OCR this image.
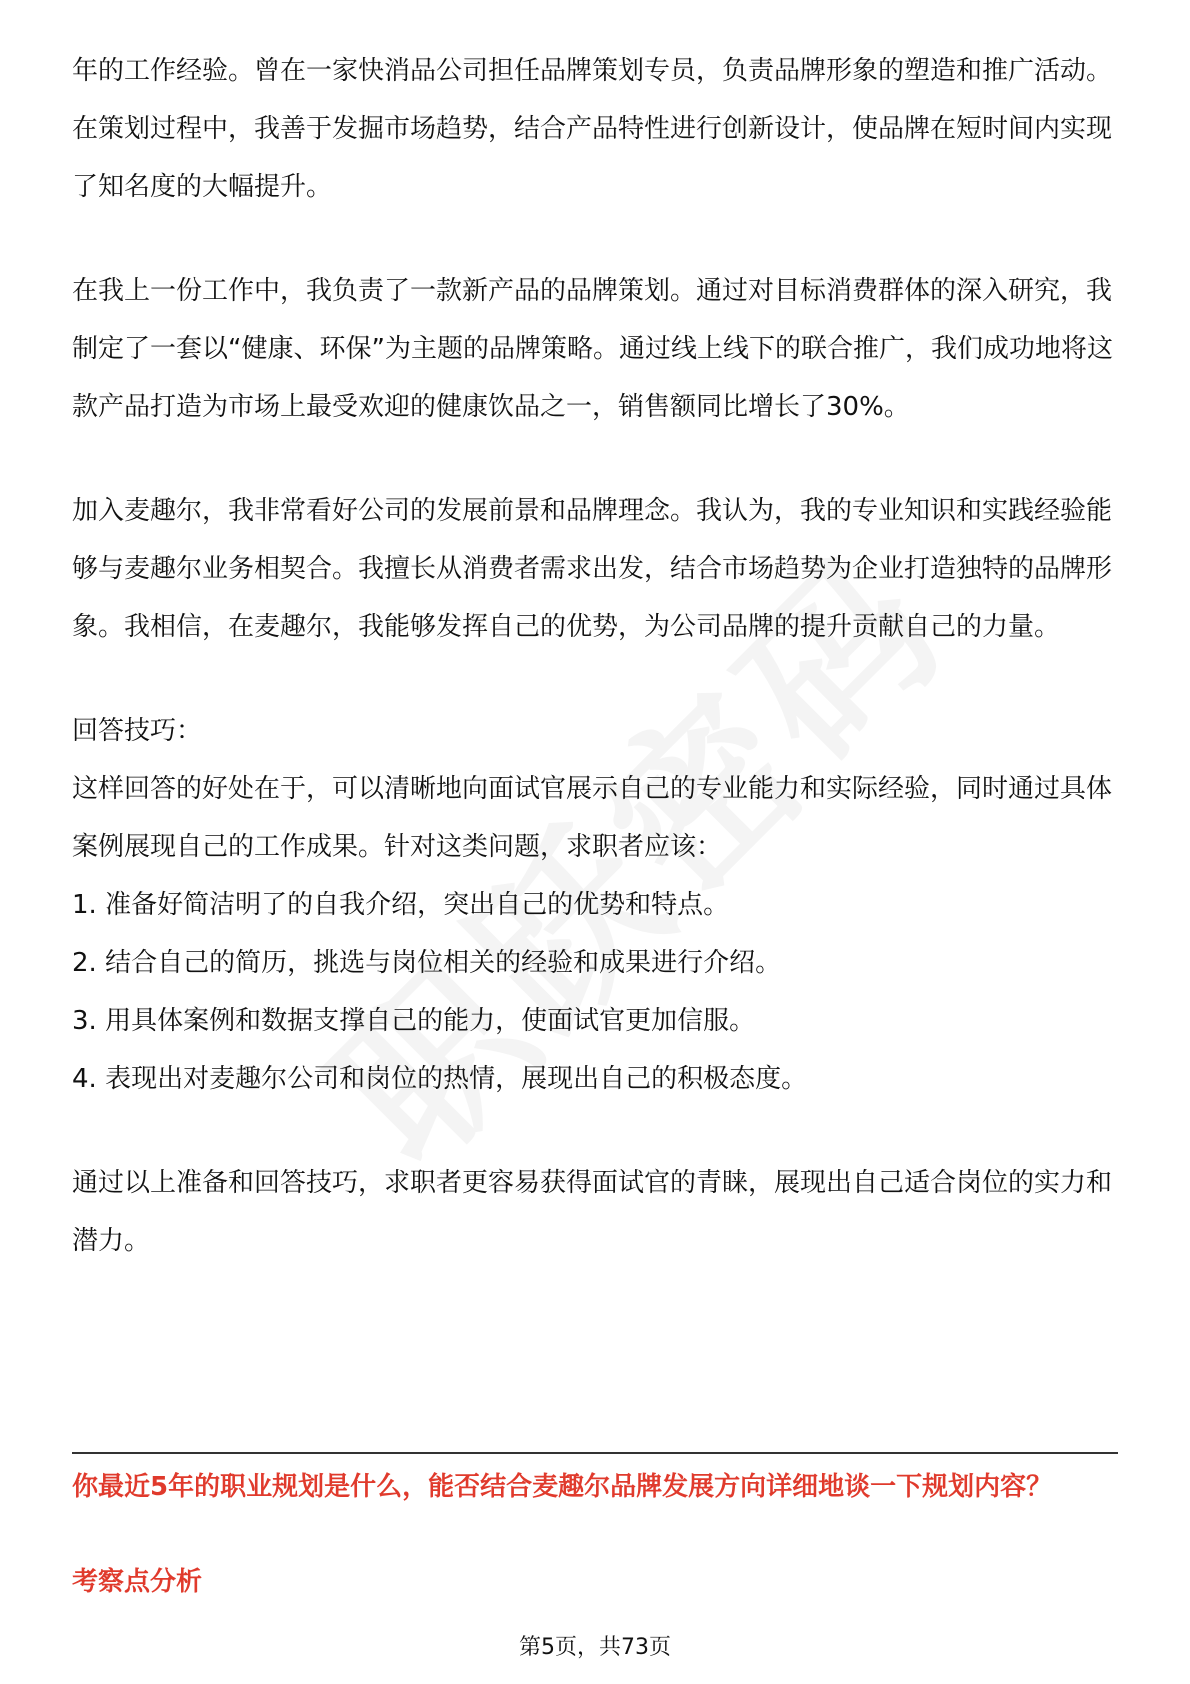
年的工作经验。曾在一家快消品公司担任品牌策划专员，负责品牌形象的塑造和推广活动。在策划过程中，我善于发掘市场趋势，结合产品特性进行创新设计，使品牌在短时间内实现了知名度的大幅提升。

在我上一份工作中，我负责了一款新产品的品牌策划。通过对目标消费群体的深入研究，我制定了一套以“健康、环保”为主题的品牌策略。通过线上线下的联合推广，我们成功地将这款产品打造为市场上最受欢迎的健康饮品之一，销售额同比增长了30%。

加入麦趣尔，我非常看好公司的发展前景和品牌理念。我认为，我的专业知识和实践经验能够与麦趣尔业务相契合。我擅长从消费者需求出发，结合市场趋势为企业打造独特的品牌形象。我相信，在麦趣尔，我能够发挥自己的优势，为公司品牌的提升贡献自己的力量。

回答技巧：

这样回答的好处在于，可以清晰地向面试官展示自己的专业能力和实际经验，同时通过具体案例展现自己的工作成果。针对这类问题，求职者应该：

1. 准备好简洁明了的自我介绍，突出自己的优势和特点。

2. 结合自己的简历，挑选与岗位相关的经验和成果进行介绍。

3. 用具体案例和数据支撑自己的能力，使面试官更加信服。

4. 表现出对麦趣尔公司和岗位的热情，展现出自己的积极态度。

通过以上准备和回答技巧，求职者更容易获得面试官的青睐，展现出自己适合岗位的实力和潜力。

你最近5年的职业规划是什么，能否结合麦趣尔品牌发展方向详细地谈一下规划内容？

考察点分析

第5页，共73页
